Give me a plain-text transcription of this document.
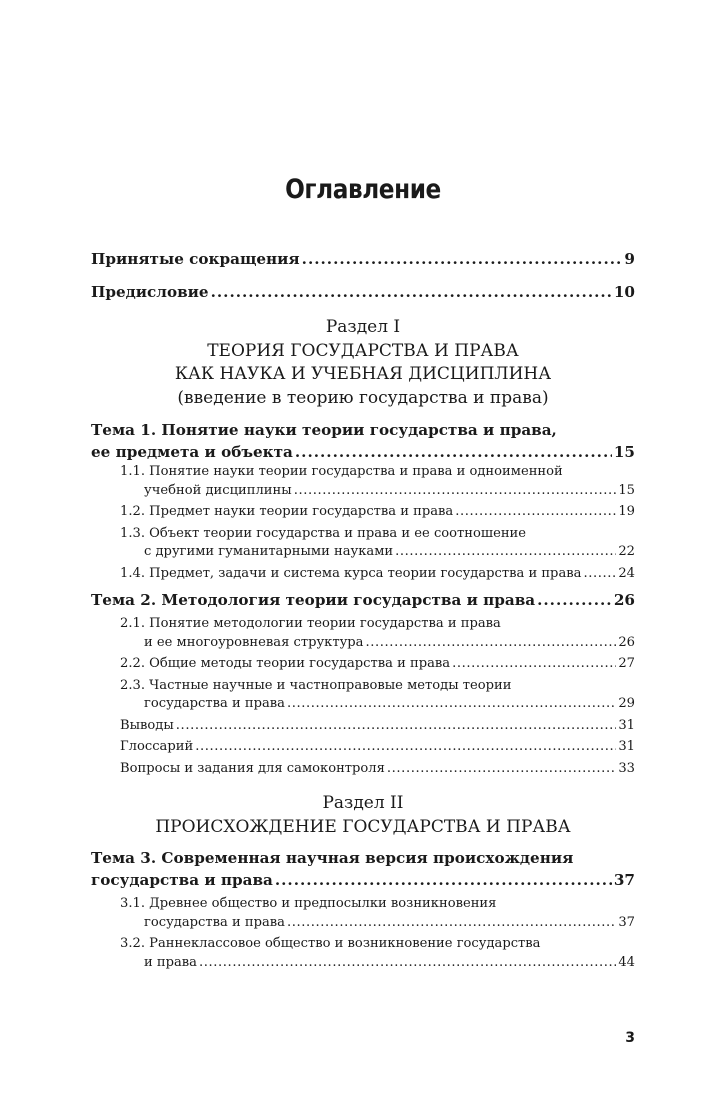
Оглавление
Принятые сокращения .....	9
Предисловие .....	10
Раздел I
ТЕОРИЯ ГОСУДАРСТВА И ПРАВА
КАК НАУКА И УЧЕБНАЯ ДИСЦИПЛИНА
(введение в теорию государства и права)
Тема 1. Понятие науки теории государства и права,
ее предмета и объекта .....	15
1.1. Понятие науки теории государства и права и одноименной
учебной дисциплины .....	15
1.2. Предмет науки теории государства и права .....	19
1.3. Объект теории государства и права и ее соотношение
с другими гуманитарными науками .....	22
1.4. Предмет, задачи и система курса теории государства и права .....	24
Тема 2. Методология теории государства и права .....	26
2.1. Понятие методологии теории государства и права
и ее многоуровневая структура .....	26
2.2. Общие методы теории государства и права .....	27
2.3. Частные научные и частноправовые методы теории
государства и права .....	29
Выводы .....	31
Глоссарий .....	31
Вопросы и задания для самоконтроля .....	33
Раздел II
ПРОИСХОЖДЕНИЕ ГОСУДАРСТВА И ПРАВА
Тема 3. Современная научная версия происхождения
государства и права .....	37
3.1. Древнее общество и предпосылки возникновения
государства и права .....	37
3.2. Раннеклассовое общество и возникновение государства
и права .....	44
3
